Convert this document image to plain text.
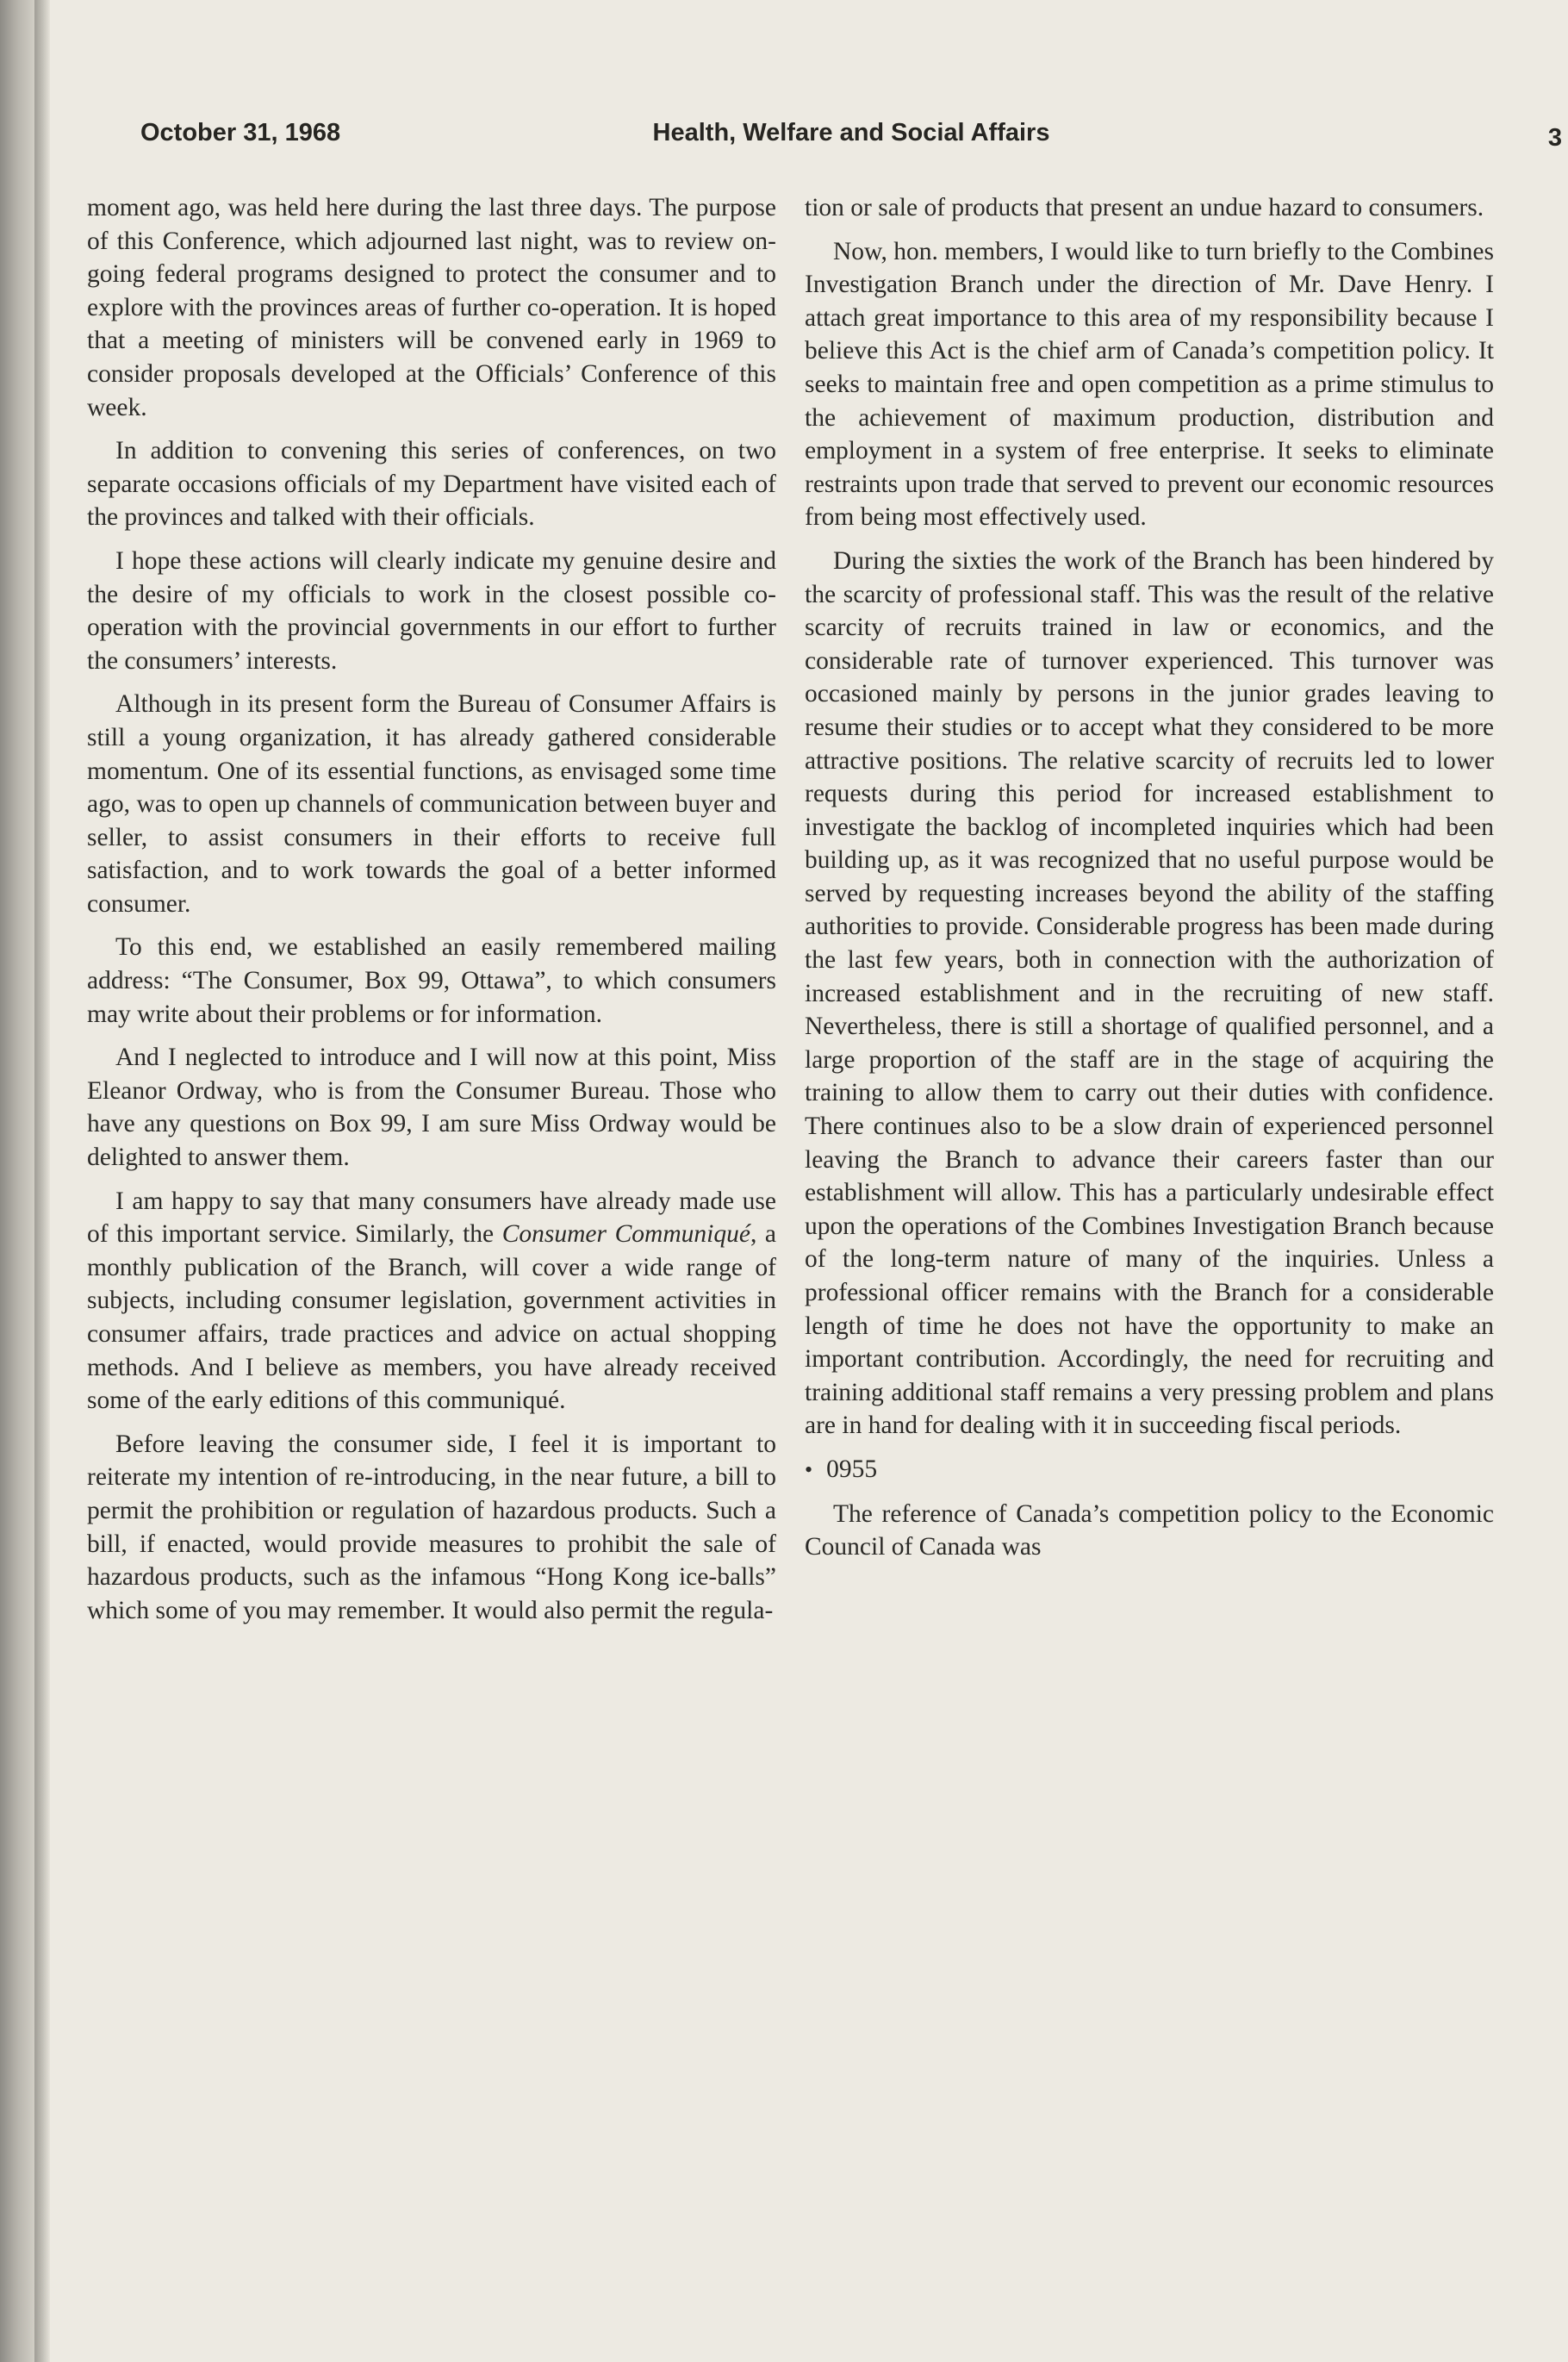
October 31, 1968	Health, Welfare and Social Affairs	3

moment ago, was held here during the last three days. The purpose of this Conference, which adjourned last night, was to review on-going federal programs designed to protect the consumer and to explore with the provinces areas of further co-operation. It is hoped that a meeting of ministers will be convened early in 1969 to consider proposals developed at the Officials’ Conference of this week.

In addition to convening this series of conferences, on two separate occasions officials of my Department have visited each of the provinces and talked with their officials.

I hope these actions will clearly indicate my genuine desire and the desire of my officials to work in the closest possible co-operation with the provincial governments in our effort to further the consumers’ interests.

Although in its present form the Bureau of Consumer Affairs is still a young organization, it has already gathered considerable momentum. One of its essential functions, as envisaged some time ago, was to open up channels of communication between buyer and seller, to assist consumers in their efforts to receive full satisfaction, and to work towards the goal of a better informed consumer.

To this end, we established an easily remembered mailing address: “The Consumer, Box 99, Ottawa”, to which consumers may write about their problems or for information.

And I neglected to introduce and I will now at this point, Miss Eleanor Ordway, who is from the Consumer Bureau. Those who have any questions on Box 99, I am sure Miss Ordway would be delighted to answer them.

I am happy to say that many consumers have already made use of this important service. Similarly, the Consumer Communiqué, a monthly publication of the Branch, will cover a wide range of subjects, including consumer legislation, government activities in consumer affairs, trade practices and advice on actual shopping methods. And I believe as members, you have already received some of the early editions of this communiqué.

Before leaving the consumer side, I feel it is important to reiterate my intention of re-introducing, in the near future, a bill to permit the prohibition or regulation of hazardous products. Such a bill, if enacted, would provide measures to prohibit the sale of hazardous products, such as the infamous “Hong Kong ice-balls” which some of you may remember. It would also permit the regula-

tion or sale of products that present an undue hazard to consumers.

Now, hon. members, I would like to turn briefly to the Combines Investigation Branch under the direction of Mr. Dave Henry. I attach great importance to this area of my responsibility because I believe this Act is the chief arm of Canada’s competition policy. It seeks to maintain free and open competition as a prime stimulus to the achievement of maximum production, distribution and employment in a system of free enterprise. It seeks to eliminate restraints upon trade that served to prevent our economic resources from being most effectively used.

During the sixties the work of the Branch has been hindered by the scarcity of professional staff. This was the result of the relative scarcity of recruits trained in law or economics, and the considerable rate of turnover experienced. This turnover was occasioned mainly by persons in the junior grades leaving to resume their studies or to accept what they considered to be more attractive positions. The relative scarcity of recruits led to lower requests during this period for increased establishment to investigate the backlog of incompleted inquiries which had been building up, as it was recognized that no useful purpose would be served by requesting increases beyond the ability of the staffing authorities to provide. Considerable progress has been made during the last few years, both in connection with the authorization of increased establishment and in the recruiting of new staff. Nevertheless, there is still a shortage of qualified personnel, and a large proportion of the staff are in the stage of acquiring the training to allow them to carry out their duties with confidence. There continues also to be a slow drain of experienced personnel leaving the Branch to advance their careers faster than our establishment will allow. This has a particularly undesirable effect upon the operations of the Combines Investigation Branch because of the long-term nature of many of the inquiries. Unless a professional officer remains with the Branch for a considerable length of time he does not have the opportunity to make an important contribution. Accordingly, the need for recruiting and training additional staff remains a very pressing problem and plans are in hand for dealing with it in succeeding fiscal periods.

• 0955

The reference of Canada’s competition policy to the Economic Council of Canada was
